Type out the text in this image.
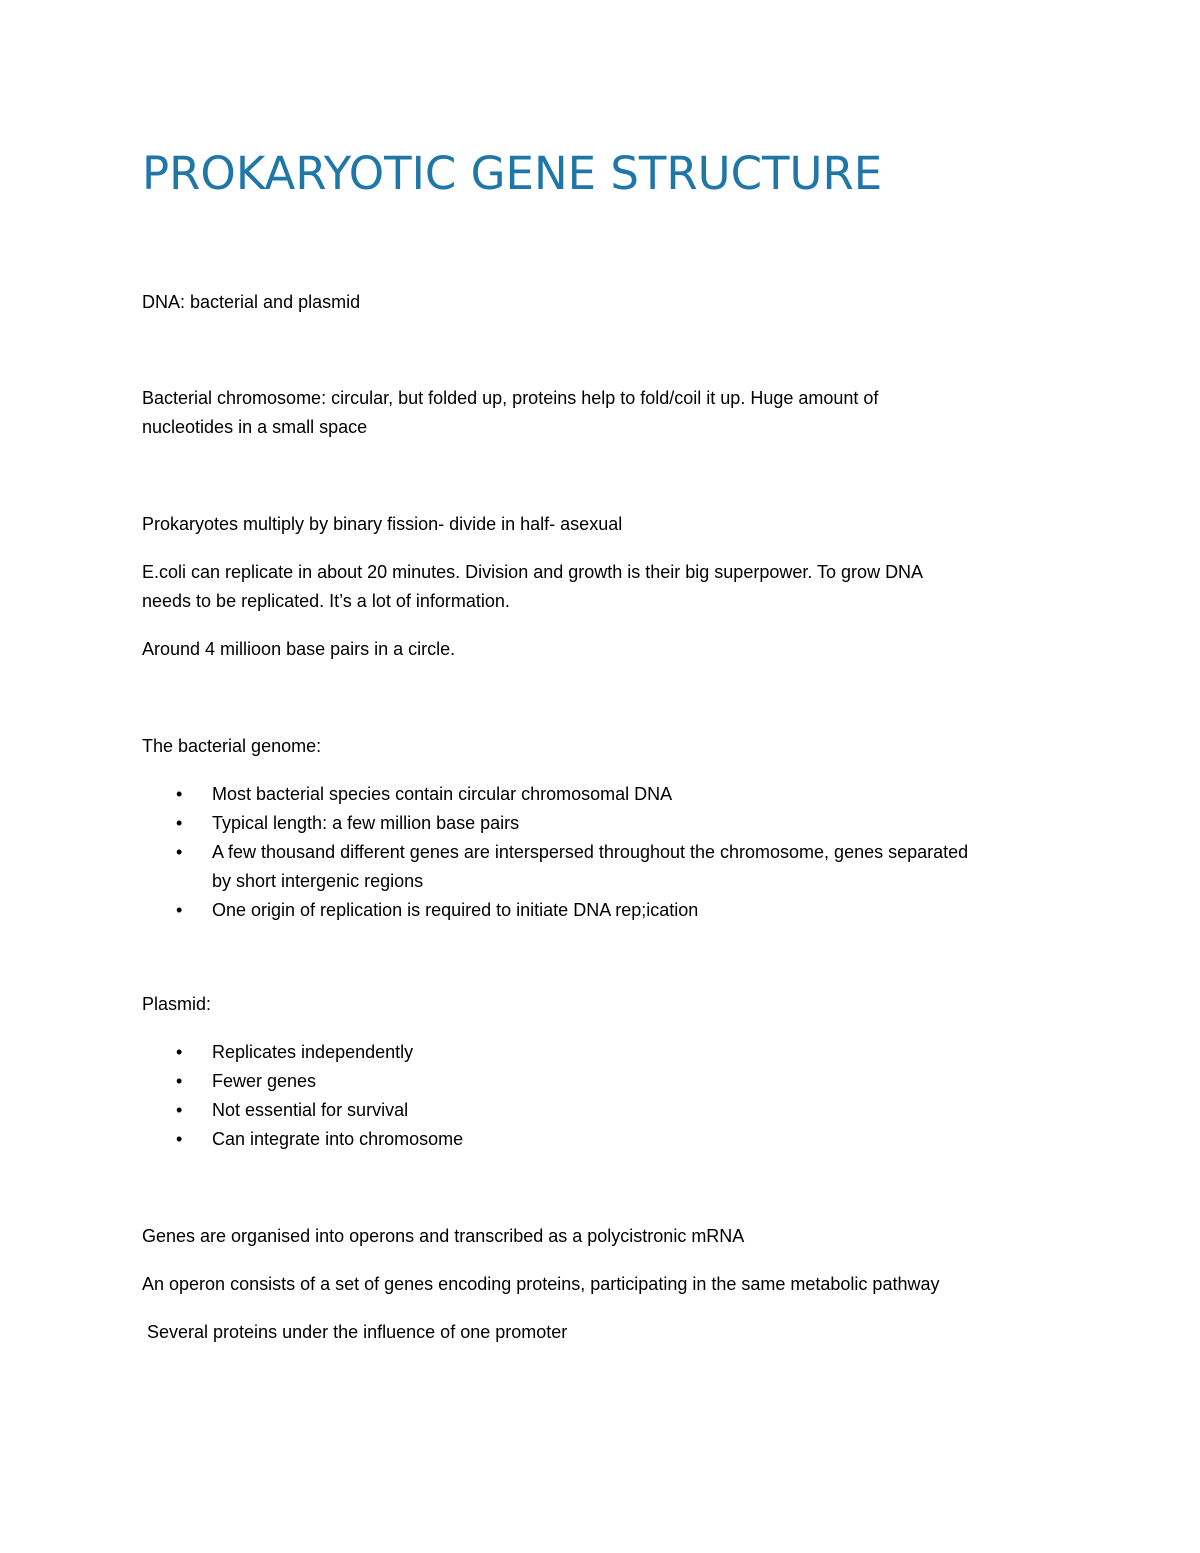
PROKARYOTIC GENE STRUCTURE

DNA: bacterial and plasmid

Bacterial chromosome: circular, but folded up, proteins help to fold/coil it up. Huge amount of

nucleotides in a small space

Prokaryotes multiply by binary fission- divide in half- asexual

E.coli can replicate in about 20 minutes. Division and growth is their big superpower. To grow DNA

needs to be replicated. It’s a lot of information.

Around 4 millioon base pairs in a circle.

The bacterial genome:

•	Most bacterial species contain circular chromosomal DNA
•	Typical length: a few million base pairs
•	A few thousand different genes are interspersed throughout the chromosome, genes separated
by short intergenic regions
•	One origin of replication is required to initiate DNA rep;ication

Plasmid:

•	Replicates independently
•	Fewer genes
•	Not essential for survival
•	Can integrate into chromosome

Genes are organised into operons and transcribed as a polycistronic mRNA

An operon consists of a set of genes encoding proteins, participating in the same metabolic pathway

Several proteins under the influence of one promoter
